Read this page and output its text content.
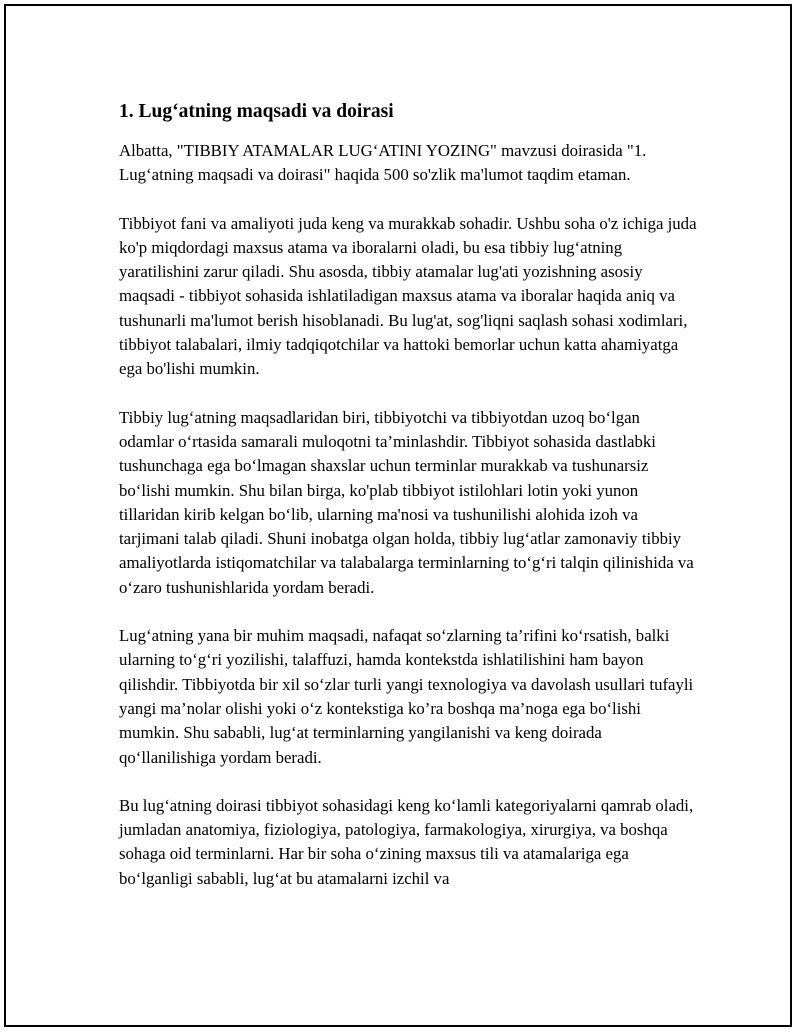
1. Lug‘atning maqsadi va doirasi

Albatta, "TIBBIY ATAMALAR LUG‘ATINI YOZING" mavzusi doirasida "1. Lug‘atning maqsadi va doirasi" haqida 500 so'zlik ma'lumot taqdim etaman.

Tibbiyot fani va amaliyoti juda keng va murakkab sohadir. Ushbu soha o'z ichiga juda ko'p miqdordagi maxsus atama va iboralarni oladi, bu esa tibbiy lug‘atning yaratilishini zarur qiladi. Shu asosda, tibbiy atamalar lug'ati yozishning asosiy maqsadi - tibbiyot sohasida ishlatiladigan maxsus atama va iboralar haqida aniq va tushunarli ma'lumot berish hisoblanadi. Bu lug'at, sog'liqni saqlash sohasi xodimlari, tibbiyot talabalari, ilmiy tadqiqotchilar va hattoki bemorlar uchun katta ahamiyatga ega bo'lishi mumkin.

Tibbiy lug‘atning maqsadlaridan biri, tibbiyotchi va tibbiyotdan uzoq bo‘lgan odamlar o‘rtasida samarali muloqotni ta’minlashdir. Tibbiyot sohasida dastlabki tushunchaga ega bo‘lmagan shaxslar uchun terminlar murakkab va tushunarsiz bo‘lishi mumkin. Shu bilan birga, ko'plab tibbiyot istilohlari lotin yoki yunon tillaridan kirib kelgan bo‘lib, ularning ma'nosi va tushunilishi alohida izoh va tarjimani talab qiladi. Shuni inobatga olgan holda, tibbiy lug‘atlar zamonaviy tibbiy amaliyotlarda istiqomatchilar va talabalarga terminlarning to‘g‘ri talqin qilinishida va o‘zaro tushunishlarida yordam beradi.

Lug‘atning yana bir muhim maqsadi, nafaqat so‘zlarning ta’rifini ko‘rsatish, balki ularning to‘g‘ri yozilishi, talaffuzi, hamda kontekstda ishlatilishini ham bayon qilishdir. Tibbiyotda bir xil so‘zlar turli yangi texnologiya va davolash usullari tufayli yangi ma’nolar olishi yoki o‘z kontekstiga ko’ra boshqa ma’noga ega bo‘lishi mumkin. Shu sababli, lug‘at terminlarning yangilanishi va keng doirada qo‘llanilishiga yordam beradi.

Bu lug‘atning doirasi tibbiyot sohasidagi keng ko‘lamli kategoriyalarni qamrab oladi, jumladan anatomiya, fiziologiya, patologiya, farmakologiya, xirurgiya, va boshqa sohaga oid terminlarni. Har bir soha o‘zining maxsus tili va atamalariga ega bo‘lganligi sababli, lug‘at bu atamalarni izchil va
